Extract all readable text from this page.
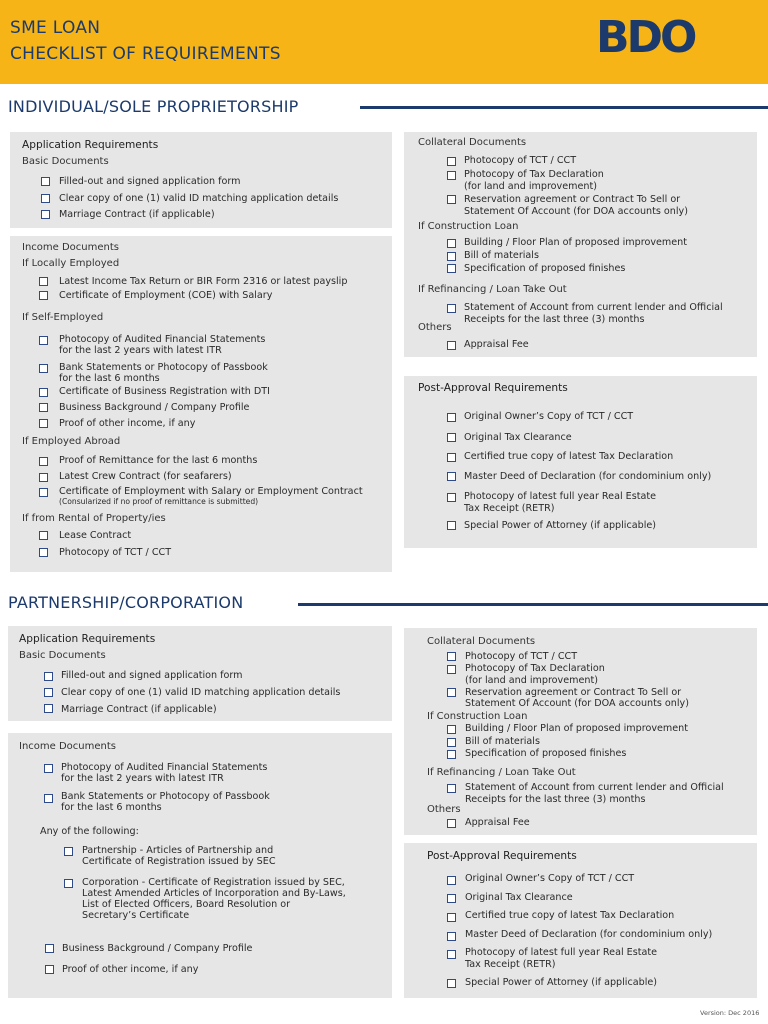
SME LOAN
CHECKLIST OF REQUIREMENTS	BDO
INDIVIDUAL/SOLE PROPRIETORSHIP
Application Requirements
Basic Documents
Filled-out and signed application form
Clear copy of one (1) valid ID matching application details
Marriage Contract (if applicable)
Income Documents
If Locally Employed
Latest Income Tax Return or BIR Form 2316 or latest payslip
Certificate of Employment (COE) with Salary
If Self-Employed
Photocopy of Audited Financial Statements
for the last 2 years with latest ITR
Bank Statements or Photocopy of Passbook
for the last 6 months
Certificate of Business Registration with DTI
Business Background / Company Profile
Proof of other income, if any
If Employed Abroad
Proof of Remittance for the last 6 months
Latest Crew Contract (for seafarers)
Certificate of Employment with Salary or Employment Contract
(Consularized if no proof of remittance is submitted)
If from Rental of Property/ies
Lease Contract
Photocopy of TCT / CCT
Collateral Documents
Photocopy of TCT / CCT
Photocopy of Tax Declaration
(for land and improvement)
Reservation agreement or Contract To Sell or
Statement Of Account (for DOA accounts only)
If Construction Loan
Building / Floor Plan of proposed improvement
Bill of materials
Specification of proposed finishes
If Refinancing / Loan Take Out
Statement of Account from current lender and Official
Receipts for the last three (3) months
Others
Appraisal Fee
Post-Approval Requirements
Original Owner’s Copy of TCT / CCT
Original Tax Clearance
Certified true copy of latest Tax Declaration
Master Deed of Declaration (for condominium only)
Photocopy of latest full year Real Estate
Tax Receipt (RETR)
Special Power of Attorney (if applicable)
PARTNERSHIP/CORPORATION
Application Requirements
Basic Documents
Filled-out and signed application form
Clear copy of one (1) valid ID matching application details
Marriage Contract (if applicable)
Income Documents
Photocopy of Audited Financial Statements
for the last 2 years with latest ITR
Bank Statements or Photocopy of Passbook
for the last 6 months
Any of the following:
Partnership - Articles of Partnership and
Certificate of Registration issued by SEC
Corporation - Certificate of Registration issued by SEC,
Latest Amended Articles of Incorporation and By-Laws,
List of Elected Officers, Board Resolution or
Secretary’s Certificate
Business Background / Company Profile
Proof of other income, if any
Collateral Documents
Photocopy of TCT / CCT
Photocopy of Tax Declaration
(for land and improvement)
Reservation agreement or Contract To Sell or
Statement Of Account (for DOA accounts only)
If Construction Loan
Building / Floor Plan of proposed improvement
Bill of materials
Specification of proposed finishes
If Refinancing / Loan Take Out
Statement of Account from current lender and Official
Receipts for the last three (3) months
Others
Appraisal Fee
Post-Approval Requirements
Original Owner’s Copy of TCT / CCT
Original Tax Clearance
Certified true copy of latest Tax Declaration
Master Deed of Declaration (for condominium only)
Photocopy of latest full year Real Estate
Tax Receipt (RETR)
Special Power of Attorney (if applicable)
Version: Dec 2016
